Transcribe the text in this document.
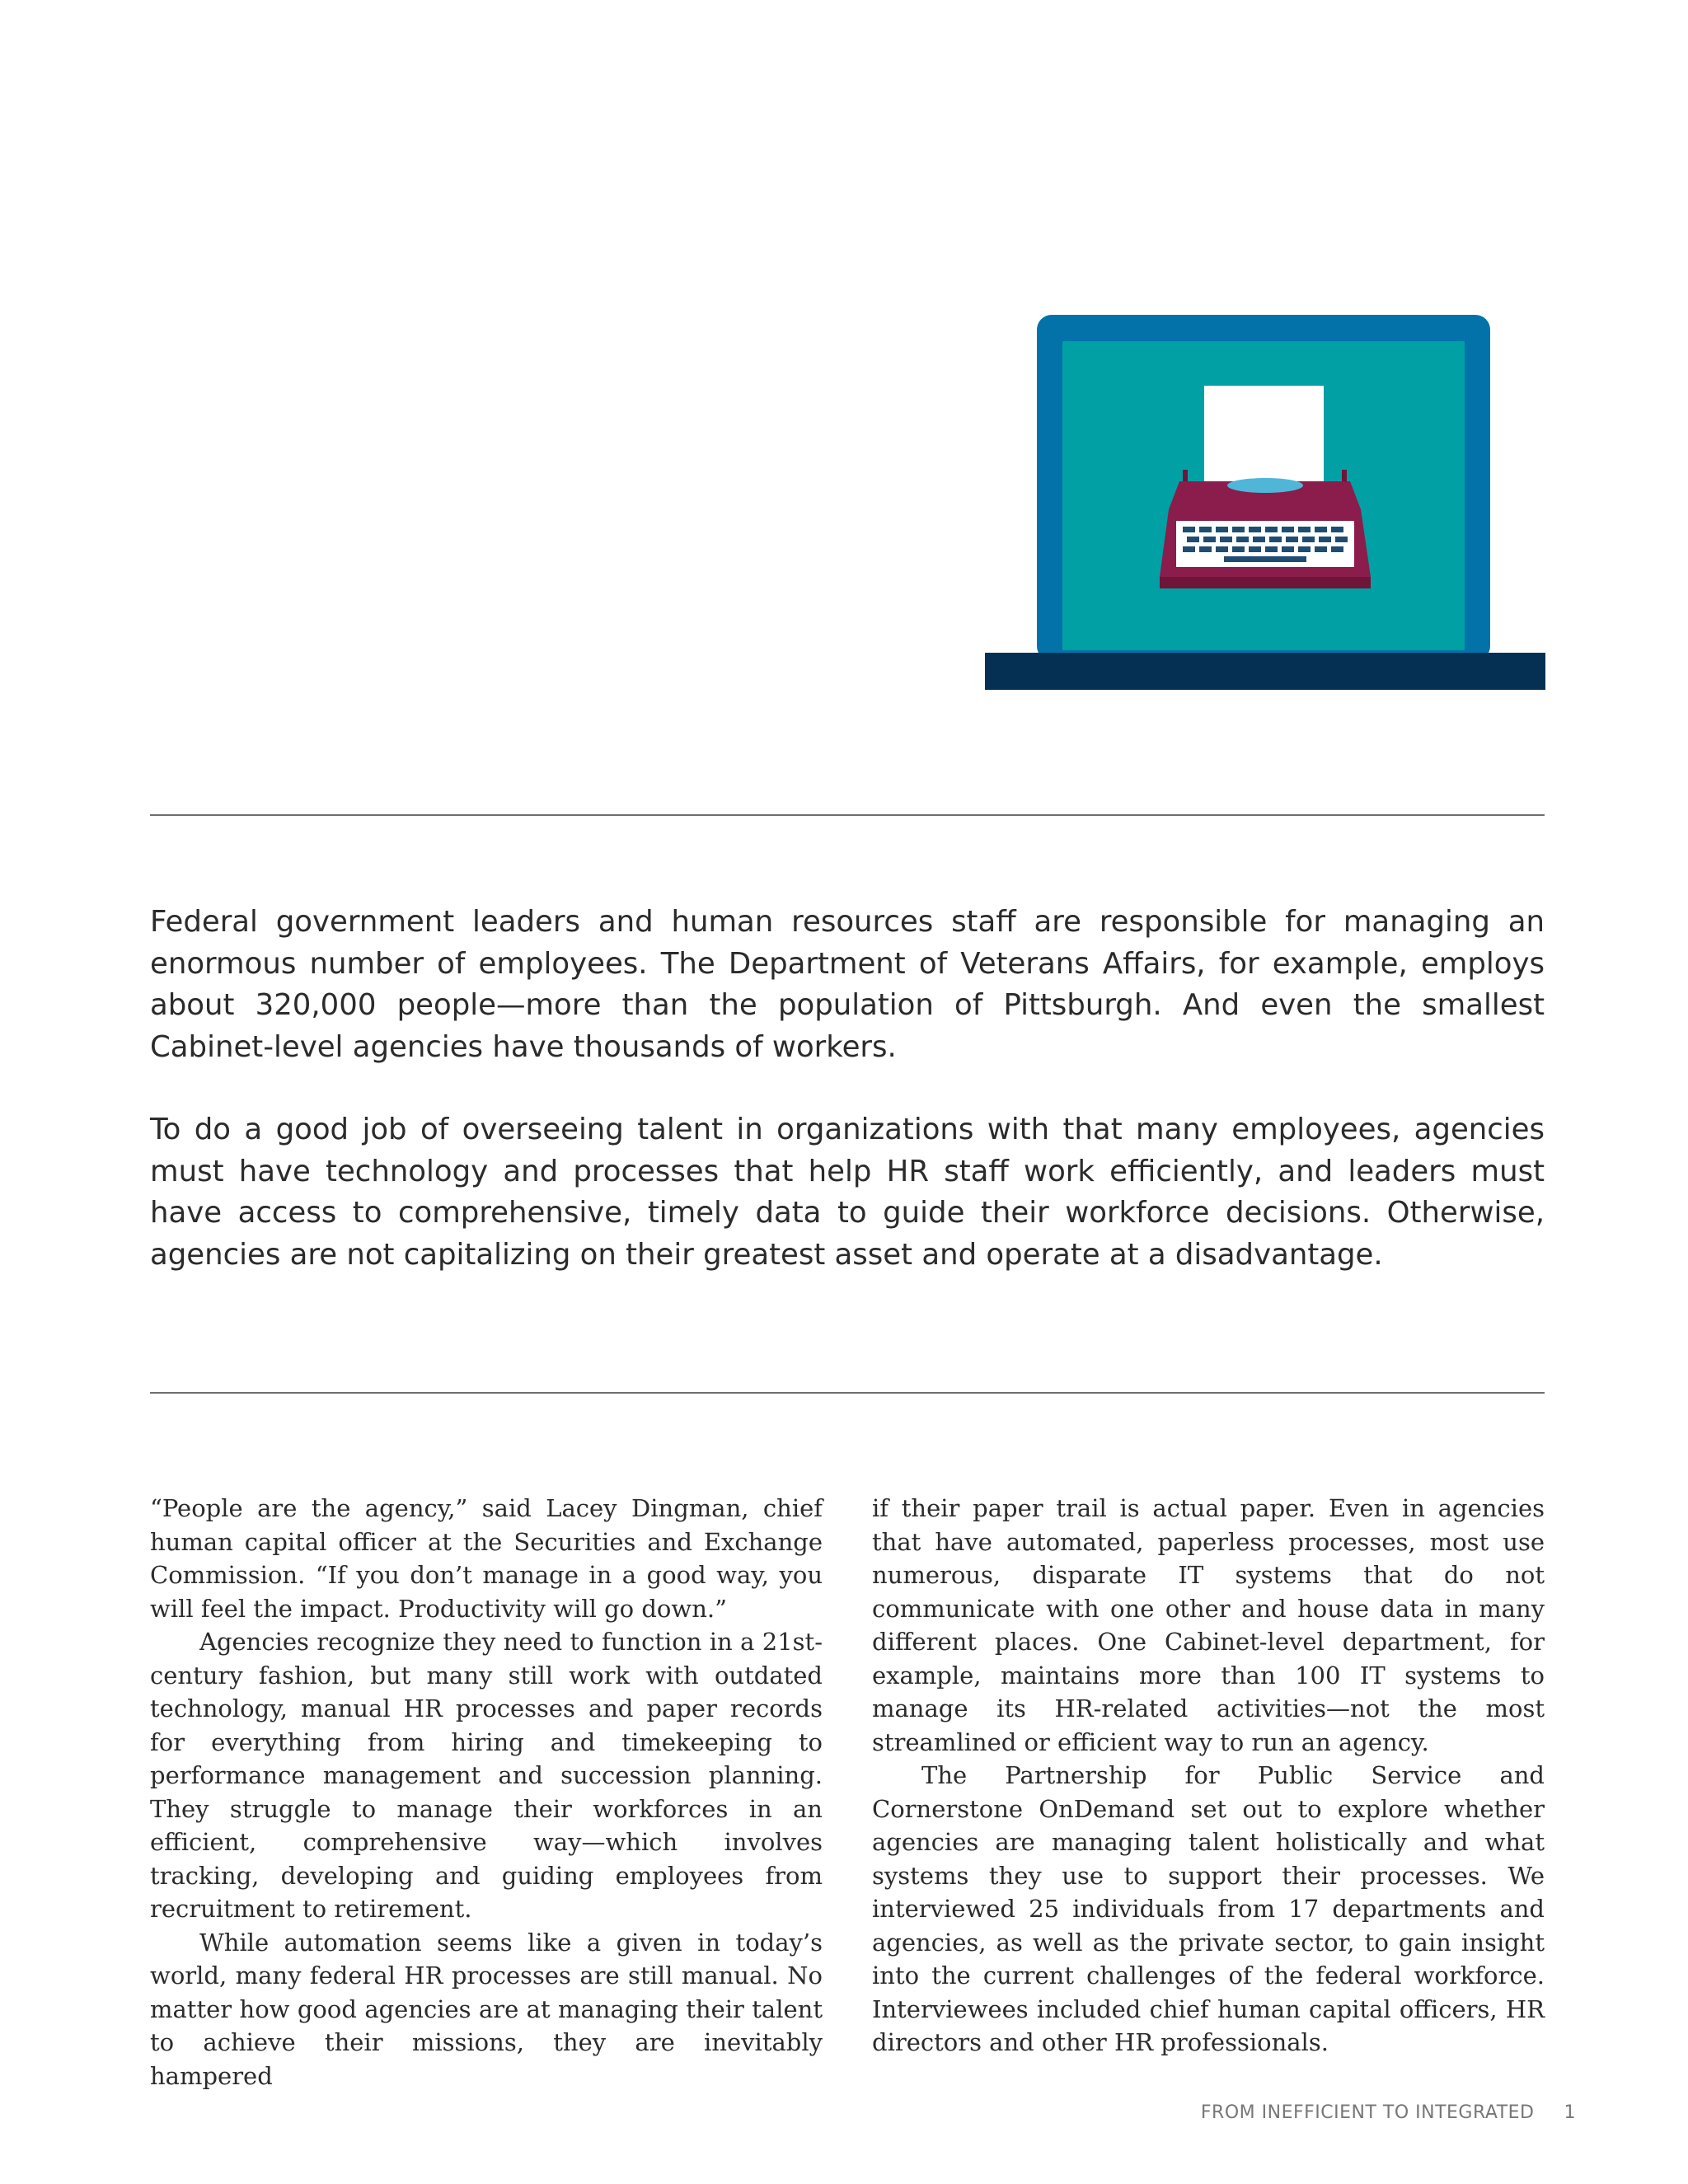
Federal government leaders and human resources staff are responsible for managing an enormous number of employees. The Department of Veterans Affairs, for example, employs about 320,000 people—more than the population of Pittsburgh. And even the smallest Cabinet-level agencies have thousands of workers.

To do a good job of overseeing talent in organizations with that many employees, agencies must have technology and processes that help HR staff work efficiently, and leaders must have access to comprehensive, timely data to guide their workforce decisions. Otherwise, agencies are not capitalizing on their greatest asset and operate at a disadvantage.

“People are the agency,” said Lacey Dingman, chief human capital officer at the Securities and Exchange Commission. “If you don’t manage in a good way, you will feel the impact. Productivity will go down.”

Agencies recognize they need to function in a 21st-century fashion, but many still work with outdated technology, manual HR processes and paper records for everything from hiring and timekeeping to performance management and succession planning. They struggle to manage their workforces in an efficient, comprehensive way—which involves tracking, developing and guiding employees from recruitment to retirement.

While automation seems like a given in today’s world, many federal HR processes are still manual. No matter how good agencies are at managing their talent to achieve their missions, they are inevitably hampered

if their paper trail is actual paper. Even in agencies that have automated, paperless processes, most use numerous, disparate IT systems that do not communicate with one other and house data in many different places. One Cabinet-level department, for example, maintains more than 100 IT systems to manage its HR-related activities—not the most streamlined or efficient way to run an agency.

The Partnership for Public Service and Cornerstone OnDemand set out to explore whether agencies are managing talent holistically and what systems they use to support their processes. We interviewed 25 individuals from 17 departments and agencies, as well as the private sector, to gain insight into the current challenges of the federal workforce. Interviewees included chief human capital officers, HR directors and other HR professionals.

FROM INEFFICIENT TO INTEGRATED 1
